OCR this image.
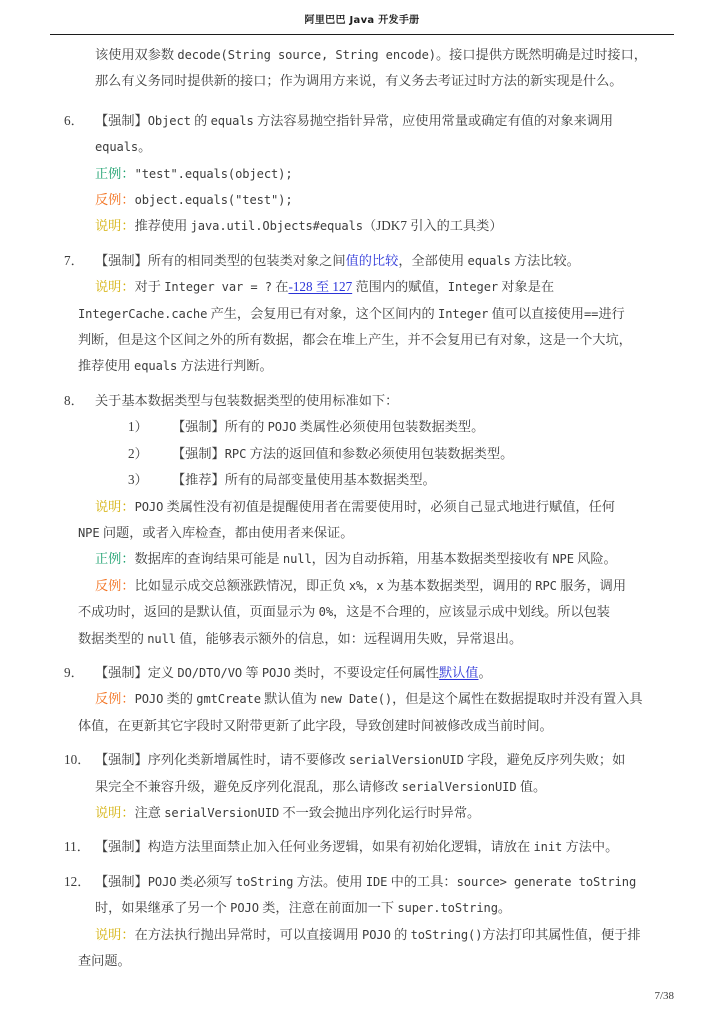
阿里巴巴 Java 开发手册
该使用双参数 decode(String source, String encode)。接口提供方既然明确是过时接口，
那么有义务同时提供新的接口；作为调用方来说，有义务去考证过时方法的新实现是什么。
6． 【强制】Object 的 equals 方法容易抛空指针异常，应使用常量或确定有值的对象来调用
equals。
正例："test".equals(object);
反例：object.equals("test");
说明：推荐使用 java.util.Objects#equals（JDK7 引入的工具类）
7． 【强制】所有的相同类型的包装类对象之间值的比较，全部使用 equals 方法比较。
说明：对于 Integer var = ? 在-128 至 127 范围内的赋值，Integer 对象是在
IntegerCache.cache 产生，会复用已有对象，这个区间内的 Integer 值可以直接使用==进行
判断，但是这个区间之外的所有数据，都会在堆上产生，并不会复用已有对象，这是一个大坑，
推荐使用 equals 方法进行判断。
8． 关于基本数据类型与包装数据类型的使用标准如下：
1） 【强制】所有的 POJO 类属性必须使用包装数据类型。
2） 【强制】RPC 方法的返回值和参数必须使用包装数据类型。
3） 【推荐】所有的局部变量使用基本数据类型。
说明：POJO 类属性没有初值是提醒使用者在需要使用时，必须自己显式地进行赋值，任何
NPE 问题，或者入库检查，都由使用者来保证。
正例：数据库的查询结果可能是 null，因为自动拆箱，用基本数据类型接收有 NPE 风险。
反例：比如显示成交总额涨跌情况，即正负 x%，x 为基本数据类型，调用的 RPC 服务，调用
不成功时，返回的是默认值，页面显示为 0%，这是不合理的，应该显示成中划线。所以包装
数据类型的 null 值，能够表示额外的信息，如：远程调用失败，异常退出。
9． 【强制】定义 DO/DTO/VO 等 POJO 类时，不要设定任何属性默认值。
反例：POJO 类的 gmtCreate 默认值为 new Date()，但是这个属性在数据提取时并没有置入具
体值，在更新其它字段时又附带更新了此字段，导致创建时间被修改成当前时间。
10． 【强制】序列化类新增属性时，请不要修改 serialVersionUID 字段，避免反序列失败；如
果完全不兼容升级，避免反序列化混乱，那么请修改 serialVersionUID 值。
说明：注意 serialVersionUID 不一致会抛出序列化运行时异常。
11． 【强制】构造方法里面禁止加入任何业务逻辑，如果有初始化逻辑，请放在 init 方法中。
12． 【强制】POJO 类必须写 toString 方法。使用 IDE 中的工具：source> generate toString
时，如果继承了另一个 POJO 类，注意在前面加一下 super.toString。
说明：在方法执行抛出异常时，可以直接调用 POJO 的 toString()方法打印其属性值，便于排
查问题。
7/38
